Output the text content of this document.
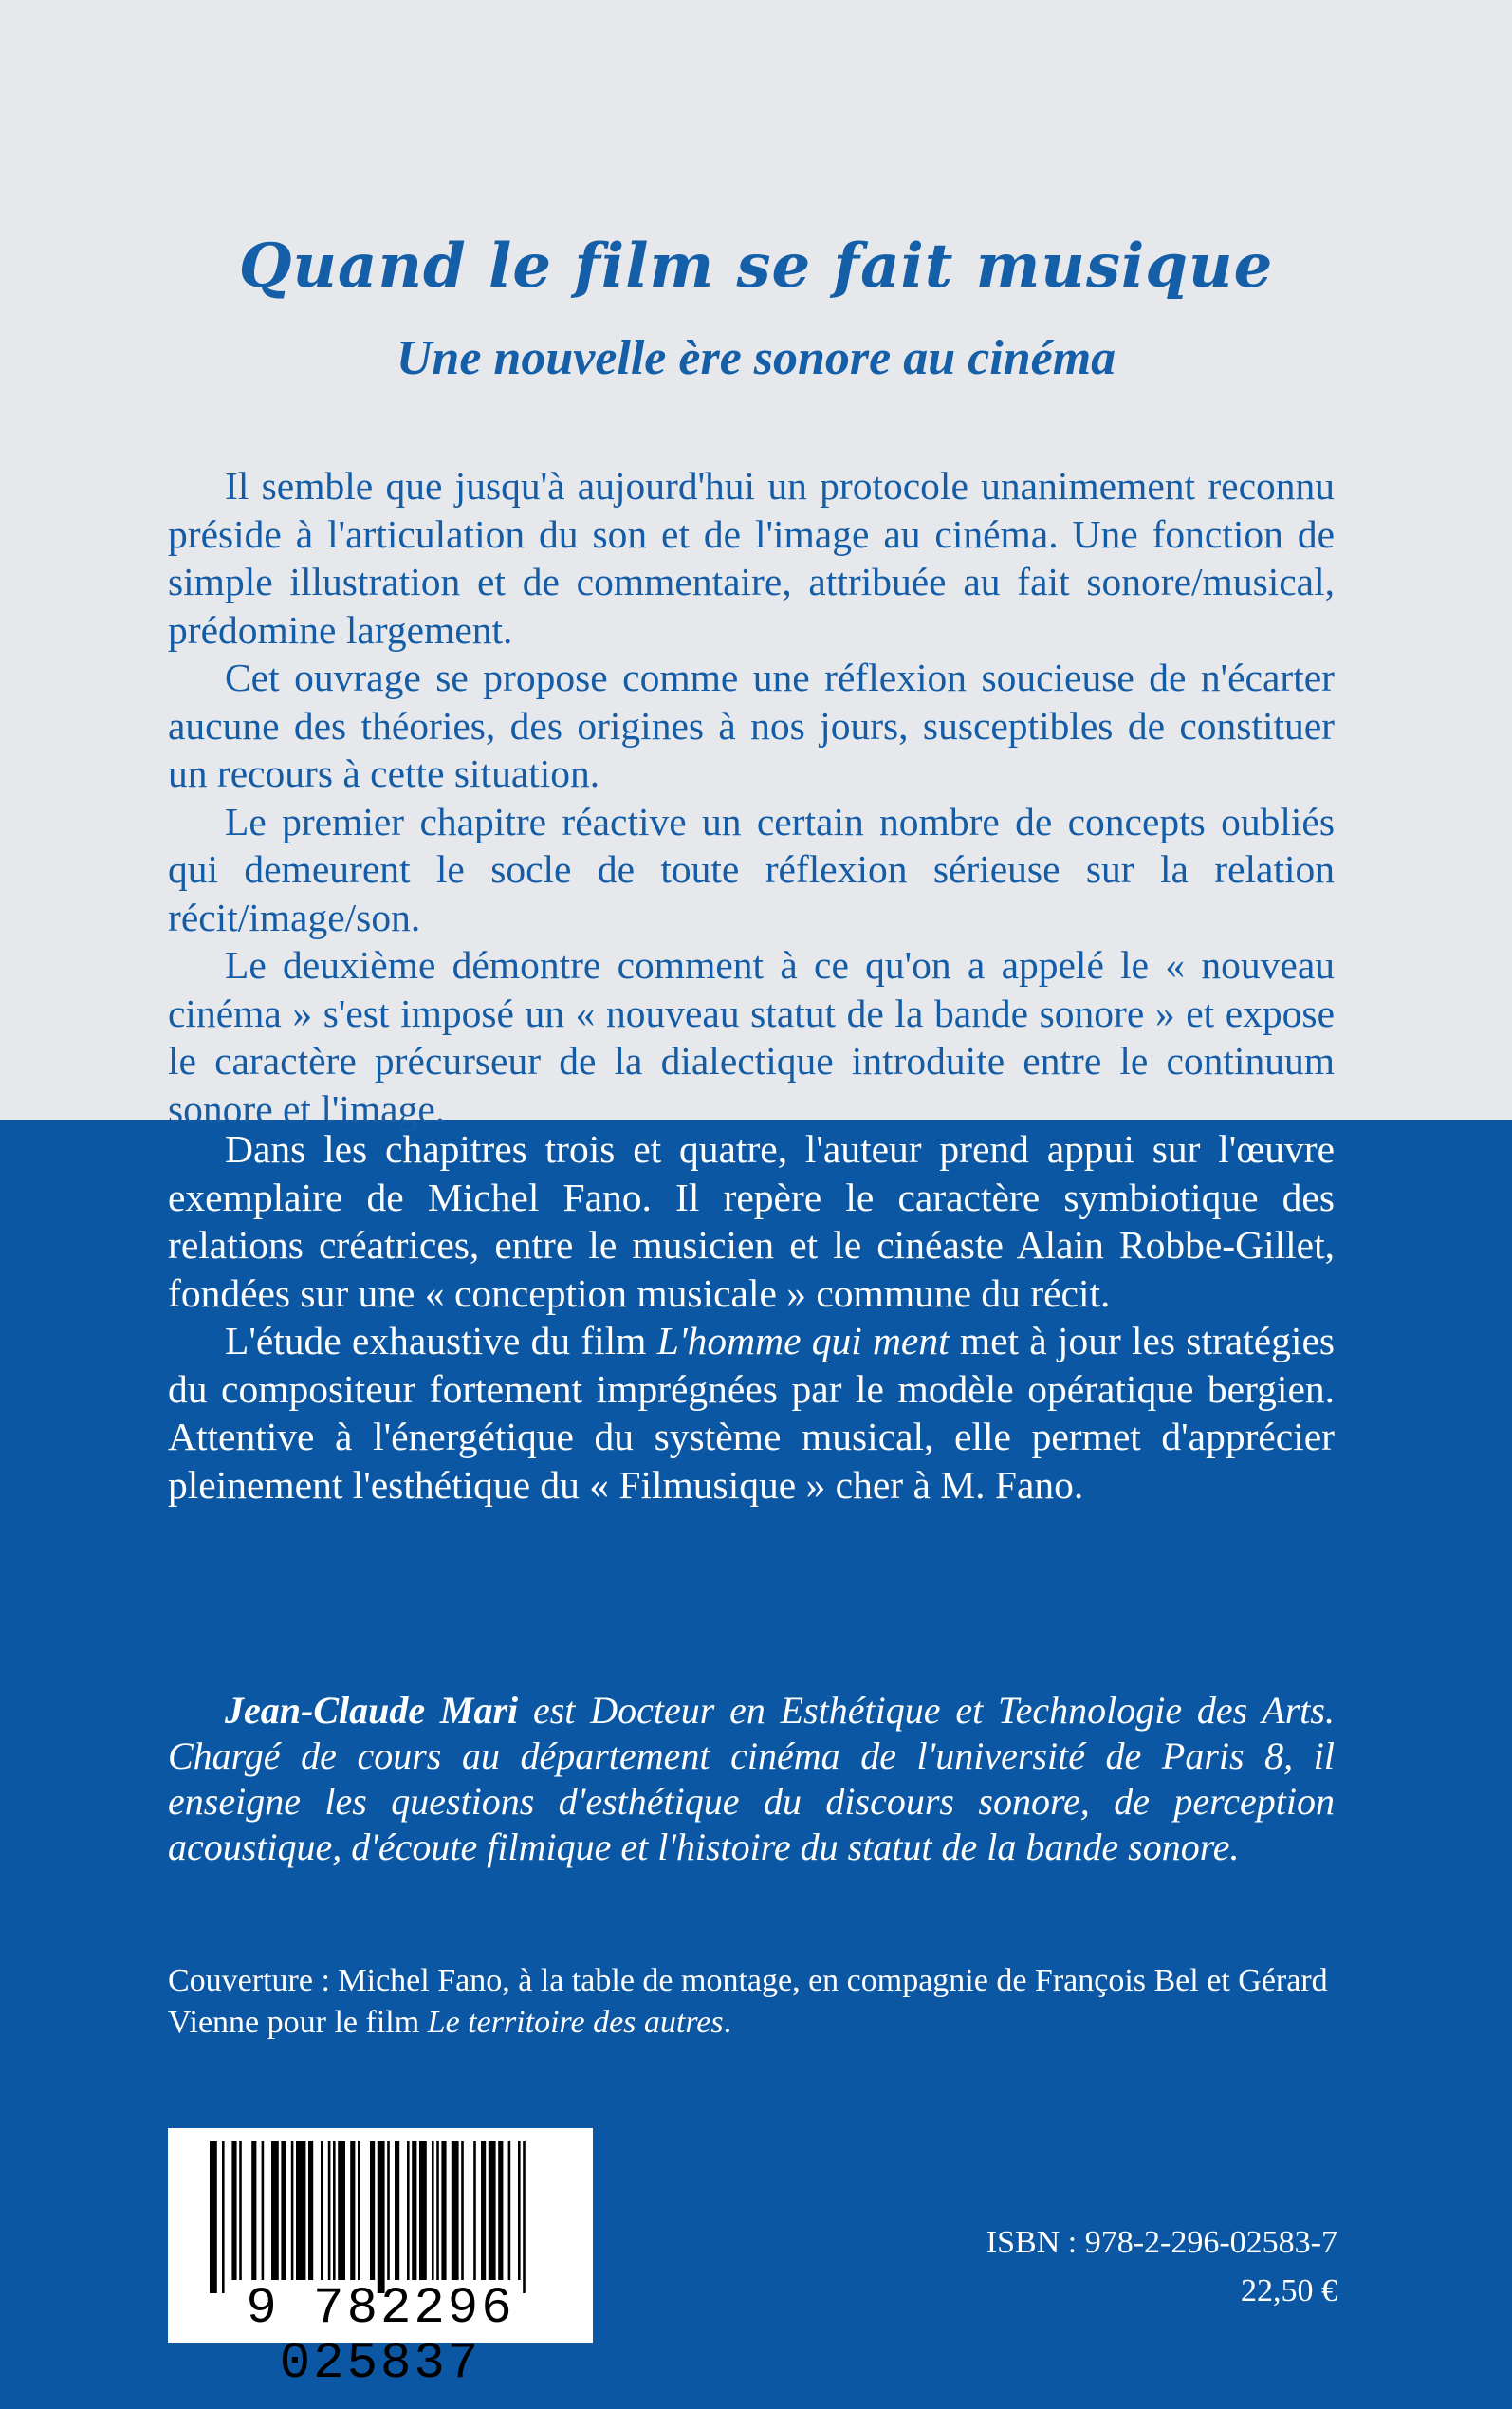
Quand le film se fait musique
Une nouvelle ère sonore au cinéma

Il semble que jusqu'à aujourd'hui un protocole unanimement reconnu préside à l'articulation du son et de l'image au cinéma. Une fonction de simple illustration et de commentaire, attribuée au fait sonore/musical, prédomine largement.

Cet ouvrage se propose comme une réflexion soucieuse de n'écarter aucune des théories, des origines à nos jours, susceptibles de constituer un recours à cette situation.

Le premier chapitre réactive un certain nombre de concepts oubliés qui demeurent le socle de toute réflexion sérieuse sur la relation récit/image/son.

Le deuxième démontre comment à ce qu'on a appelé le « nouveau cinéma » s'est imposé un « nouveau statut de la bande sonore » et expose le caractère précurseur de la dialectique introduite entre le continuum sonore et l'image.

Dans les chapitres trois et quatre, l'auteur prend appui sur l'œuvre exemplaire de Michel Fano. Il repère le caractère symbiotique des relations créatrices, entre le musicien et le cinéaste Alain Robbe-Gillet, fondées sur une « conception musicale » commune du récit.

L'étude exhaustive du film L'homme qui ment met à jour les stratégies du compositeur fortement imprégnées par le modèle opératique bergien. Attentive à l'énergétique du système musical, elle permet d'apprécier pleinement l'esthétique du « Filmusique » cher à M. Fano.

Jean-Claude Mari est Docteur en Esthétique et Technologie des Arts. Chargé de cours au département cinéma de l'université de Paris 8, il enseigne les questions d'esthétique du discours sonore, de perception acoustique, d'écoute filmique et l'histoire du statut de la bande sonore.

Couverture : Michel Fano, à la table de montage, en compagnie de François Bel et Gérard Vienne pour le film Le territoire des autres.

9 782296 025837

ISBN : 978-2-296-02583-7

22,50 €
